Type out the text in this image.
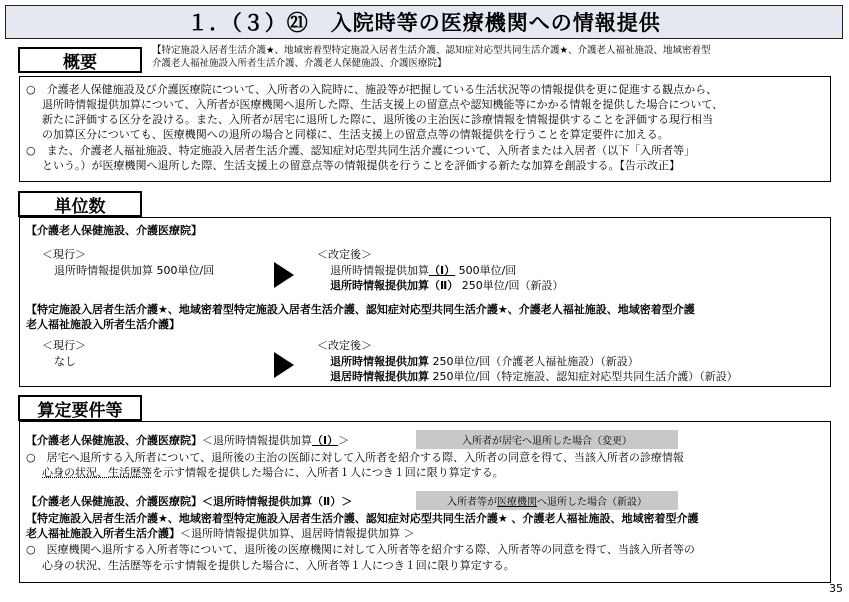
１．（３）㉑　入院時等の医療機関への情報提供
概要
【特定施設入居者生活介護★、地域密着型特定施設入居者生活介護、認知症対応型共同生活介護★、介護老人福祉施設、地域密着型
介護老人福祉施設入所者生活介護、介護老人保健施設、介護医療院】
○　介護老人保健施設及び介護医療院について、入所者の入院時に、施設等が把握している生活状況等の情報提供を更に促進する観点から、
退所時情報提供加算について、入所者が医療機関へ退所した際、生活支援上の留意点や認知機能等にかかる情報を提供した場合について、
新たに評価する区分を設ける。また、入所者が居宅に退所した際に、退所後の主治医に診療情報を情報提供することを評価する現行相当
の加算区分についても、医療機関への退所の場合と同様に、生活支援上の留意点等の情報提供を行うことを算定要件に加える。
○　また、介護老人福祉施設、特定施設入居者生活介護、認知症対応型共同生活介護について、入所者または入居者（以下「入所者等」
という。）が医療機関へ退所した際、生活支援上の留意点等の情報提供を行うことを評価する新たな加算を創設する。【告示改正】
単位数
【介護老人保健施設、介護医療院】
＜現行＞
退所時情報提供加算 500単位/回
＜改定後＞
退所時情報提供加算（Ⅰ） 500単位/回
退所時情報提供加算（Ⅱ） 250単位/回（新設）
【特定施設入居者生活介護★、地域密着型特定施設入居者生活介護、認知症対応型共同生活介護★、介護老人福祉施設、地域密着型介護
老人福祉施設入所者生活介護】
＜現行＞
なし
＜改定後＞
退所時情報提供加算 250単位/回（介護老人福祉施設）（新設）
退居時情報提供加算 250単位/回（特定施設、認知症対応型共同生活介護）（新設）
算定要件等
【介護老人保健施設、介護医療院】＜退所時情報提供加算（Ⅰ）＞	入所者が居宅へ退所した場合（変更）
○　居宅へ退所する入所者について、退所後の主治の医師に対して入所者を紹介する際、入所者の同意を得て、当該入所者の診療情報
心身の状況、生活歴等を示す情報を提供した場合に、入所者１人につき１回に限り算定する。
【介護老人保健施設、介護医療院】＜退所時情報提供加算（Ⅱ）＞	入所者等が 医療機関 へ退所した場合（新設）
【特定施設入居者生活介護★、地域密着型特定施設入居者生活介護、認知症対応型共同生活介護★ 、介護老人福祉施設、地域密着型介護
老人福祉施設入所者生活介護】＜退所時情報提供加算、退居時情報提供加算 ＞
○　医療機関へ退所する入所者等について、退所後の医療機関に対して入所者等を紹介する際、入所者等の同意を得て、当該入所者等の
心身の状況、生活歴等を示す情報を提供した場合に、入所者等１人につき１回に限り算定する。
35
